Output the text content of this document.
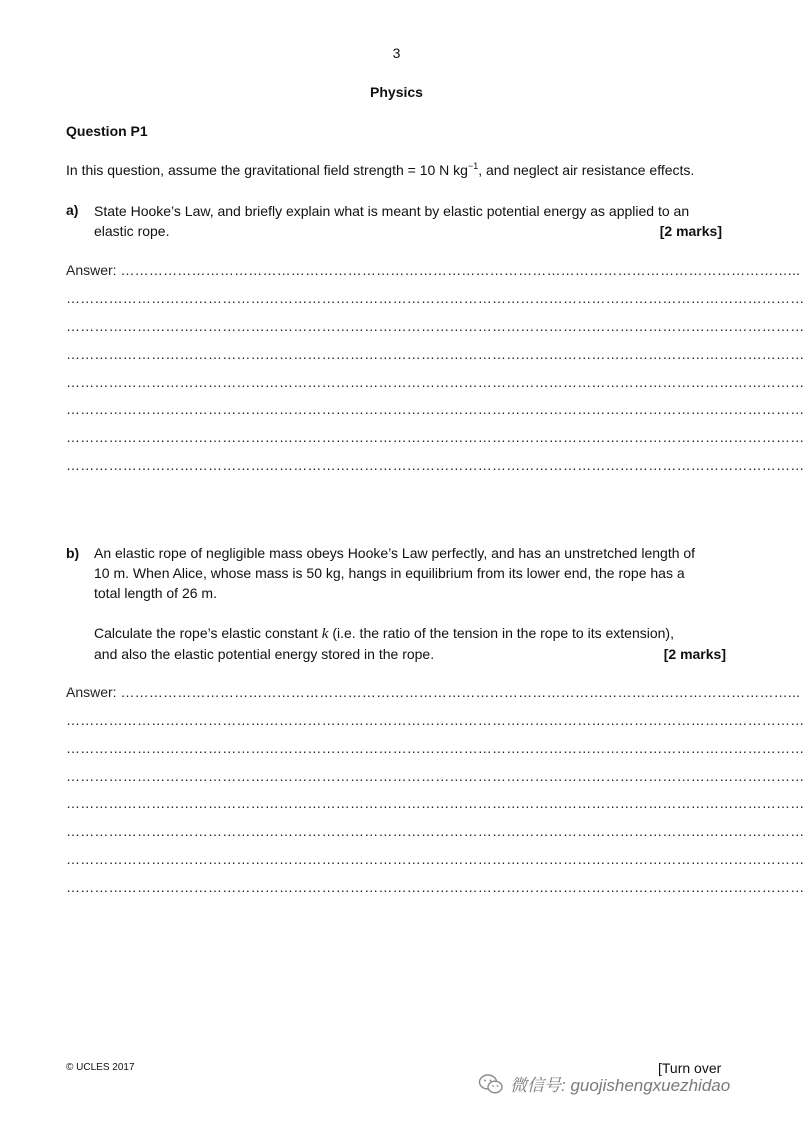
3
Physics
Question P1
In this question, assume the gravitational field strength = 10 N $kg^{-1}$, and neglect air resistance effects.
a) State Hooke’s Law, and briefly explain what is meant by elastic potential energy as applied to an
elastic rope.	[2 marks]
Answer: ……………………………………………………………………………………………………………………………...
…………………………………………………………………………………………………………………………………………
…………………………………………………………………………………………………………………………………………
…………………………………………………………………………………………………………………………………………
…………………………………………………………………………………………………………………………………………
…………………………………………………………………………………………………………………………………………
…………………………………………………………………………………………………………………………………………
…………………………………………………………………………………………………………………………………………
b) An elastic rope of negligible mass obeys Hooke’s Law perfectly, and has an unstretched length of
10 m. When Alice, whose mass is 50 kg, hangs in equilibrium from its lower end, the rope has a
total length of 26 m.
Calculate the rope’s elastic constant k (i.e. the ratio of the tension in the rope to its extension),
and also the elastic potential energy stored in the rope.	[2 marks]
Answer: ……………………………………………………………………………………………………………………………...
…………………………………………………………………………………………………………………………………………
…………………………………………………………………………………………………………………………………………
…………………………………………………………………………………………………………………………………………
…………………………………………………………………………………………………………………………………………
…………………………………………………………………………………………………………………………………………
…………………………………………………………………………………………………………………………………………
…………………………………………………………………………………………………………………………………………
© UCLES 2017	[Turn over
微信号: guojishengxuezhidao
